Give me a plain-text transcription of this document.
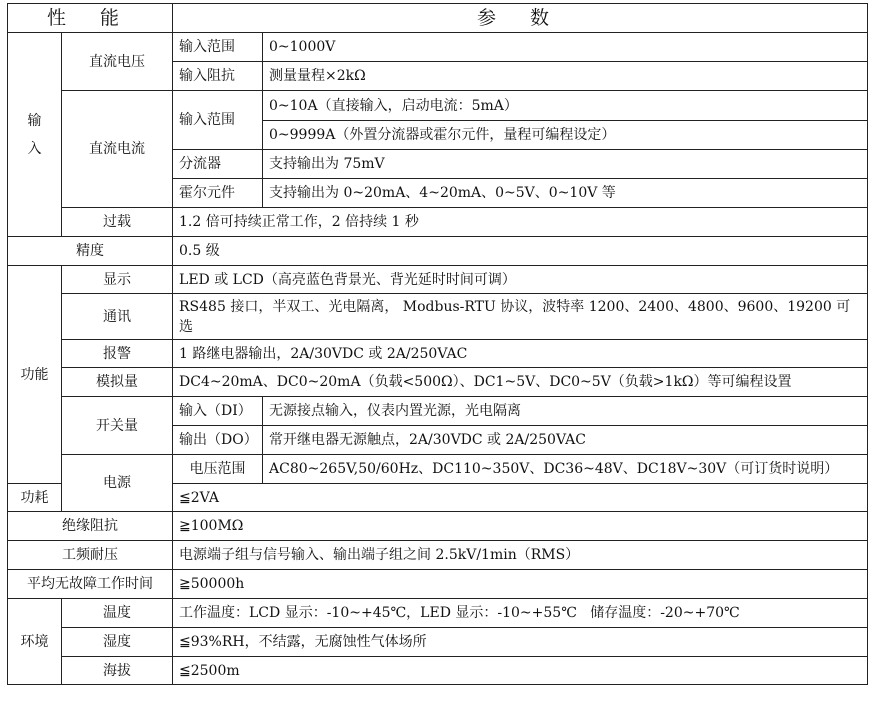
性 能		参 数	
输入	直流电压	输入范围	0~1000V
		输入阻抗	测量量程×2kΩ
	直流电流	输入范围	0~10A（直接输入，启动电流：5mA）
			0~9999A（外置分流器或霍尔元件，量程可编程设定）
		分流器	支持输出为 75mV
		霍尔元件	支持输出为 0~20mA、4~20mA、0~5V、0~10V 等
	过载	1.2 倍可持续正常工作，2 倍持续 1 秒	
精度		0.5 级	
功能	显示	LED 或 LCD（高亮蓝色背景光、背光延时时间可调）	
	通讯	RS485 接口，半双工、光电隔离， Modbus-RTU 协议，波特率 1200、2400、4800、9600、19200 可选	
	报警	1 路继电器输出，2A/30VDC 或 2A/250VAC	
	模拟量	DC4~20mA、DC0~20mA（负载<500Ω）、DC1~5V、DC0~5V（负载>1kΩ）等可编程设置	
	开关量	输入（DI）	无源接点输入，仪表内置光源，光电隔离
		输出（DO）	常开继电器无源触点，2A/30VDC 或 2A/250VAC
	电源	电压范围	AC80~265V,50/60Hz、DC110~350V、DC36~48V、DC18V~30V（可订货时说明）
功耗		≦2VA	
绝缘阻抗		≧100MΩ	
工频耐压		电源端子组与信号输入、输出端子组之间 2.5kV/1min（RMS）	
平均无故障工作时间		≧50000h	
环境	温度	工作温度：LCD 显示：-10~+45℃，LED 显示：-10~+55℃   储存温度：-20~+70℃	
	湿度	≦93%RH，不结露，无腐蚀性气体场所	
	海拔	≦2500m	
